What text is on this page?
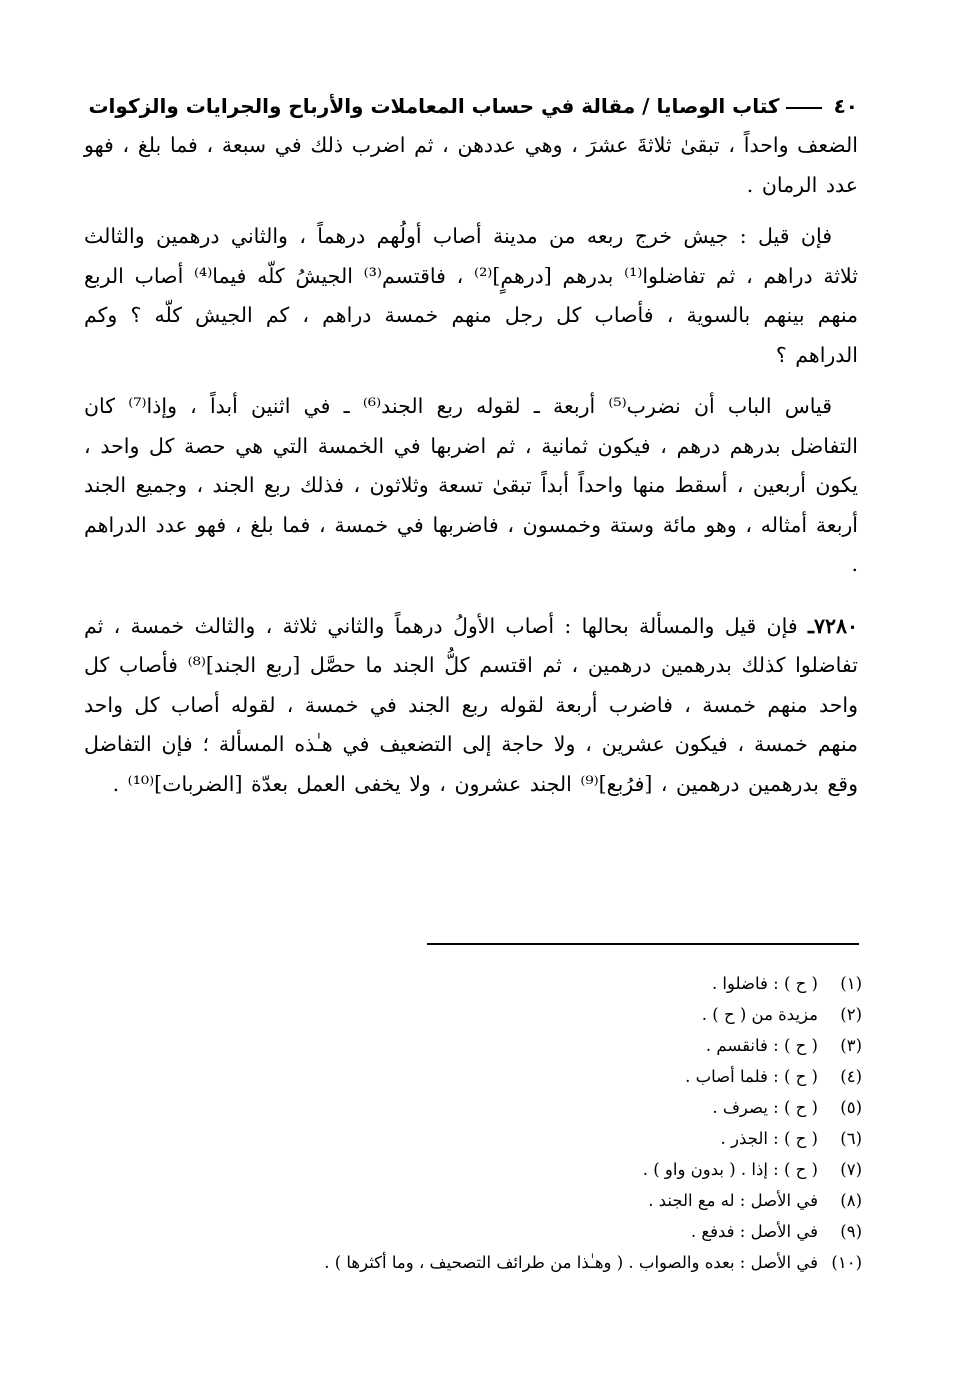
٤٠كتاب الوصايا / مقالة في حساب المعاملات والأرباح والجرايات والزكوات

الضعف واحداً ، تبقىٰ ثلاثةَ عشرَ ، وهي عددهن ، ثم اضرب ذلك في سبعة ، فما بلغ ، فهو عدد الرمان .

فإن قيل : جيش خرج ربعه من مدينة أصاب أولُهم درهماً ، والثاني درهمين والثالث ثلاثة دراهم ، ثم تفاضلوا⁽¹⁾ بدرهم [درهمٍ]⁽²⁾ ، فاقتسم⁽³⁾ الجيشُ كلّه فيما⁽⁴⁾ أصاب الربع منهم بينهم بالسوية ، فأصاب كل رجل منهم خمسة دراهم ، كم الجيش كلّه ؟ وكم الدراهم ؟

قياس الباب أن نضرب⁽⁵⁾ أربعة ـ لقوله ربع الجند⁽⁶⁾ ـ في اثنين أبداً ، وإذا⁽⁷⁾ كان التفاضل بدرهم درهم ، فيكون ثمانية ، ثم اضربها في الخمسة التي هي حصة كل واحد ، يكون أربعين ، أسقط منها واحداً أبداً تبقىٰ تسعة وثلاثون ، فذلك ربع الجند ، وجميع الجند أربعة أمثاله ، وهو مائة وستة وخمسون ، فاضربها في خمسة ، فما بلغ ، فهو عدد الدراهم .

٧٢٨٠ـ فإن قيل والمسألة بحالها : أصاب الأولُ درهماً والثاني ثلاثة ، والثالث خمسة ، ثم تفاضلوا كذلك بدرهمين درهمين ، ثم اقتسم كلُّ الجند ما حصَّل [ربع الجند]⁽⁸⁾ فأصاب كل واحد منهم خمسة ، فاضرب أربعة لقوله ربع الجند في خمسة ، لقوله أصاب كل واحد منهم خمسة ، فيكون عشرين ، ولا حاجة إلى التضعيف في هـٰذه المسألة ؛ فإن التفاضل وقع بدرهمين درهمين ، [فرُبع]⁽⁹⁾ الجند عشرون ، ولا يخفى العمل بعدّة [الضربات]⁽¹⁰⁾ .

(١)( ح ) : فاضلوا .
(٢)مزيدة من ( ح ) .
(٣)( ح ) : فانقسم .
(٤)( ح ) : فلما أصاب .
(٥)( ح ) : يصرف .
(٦)( ح ) : الجذر .
(٧)( ح ) : إذا . ( بدون واو ) .
(٨)في الأصل : له مع الجند .
(٩)في الأصل : فدفع .
(١٠)في الأصل : بعده والصواب . ( وهـٰذا من طرائف التصحيف ، وما أكثرها ) .
